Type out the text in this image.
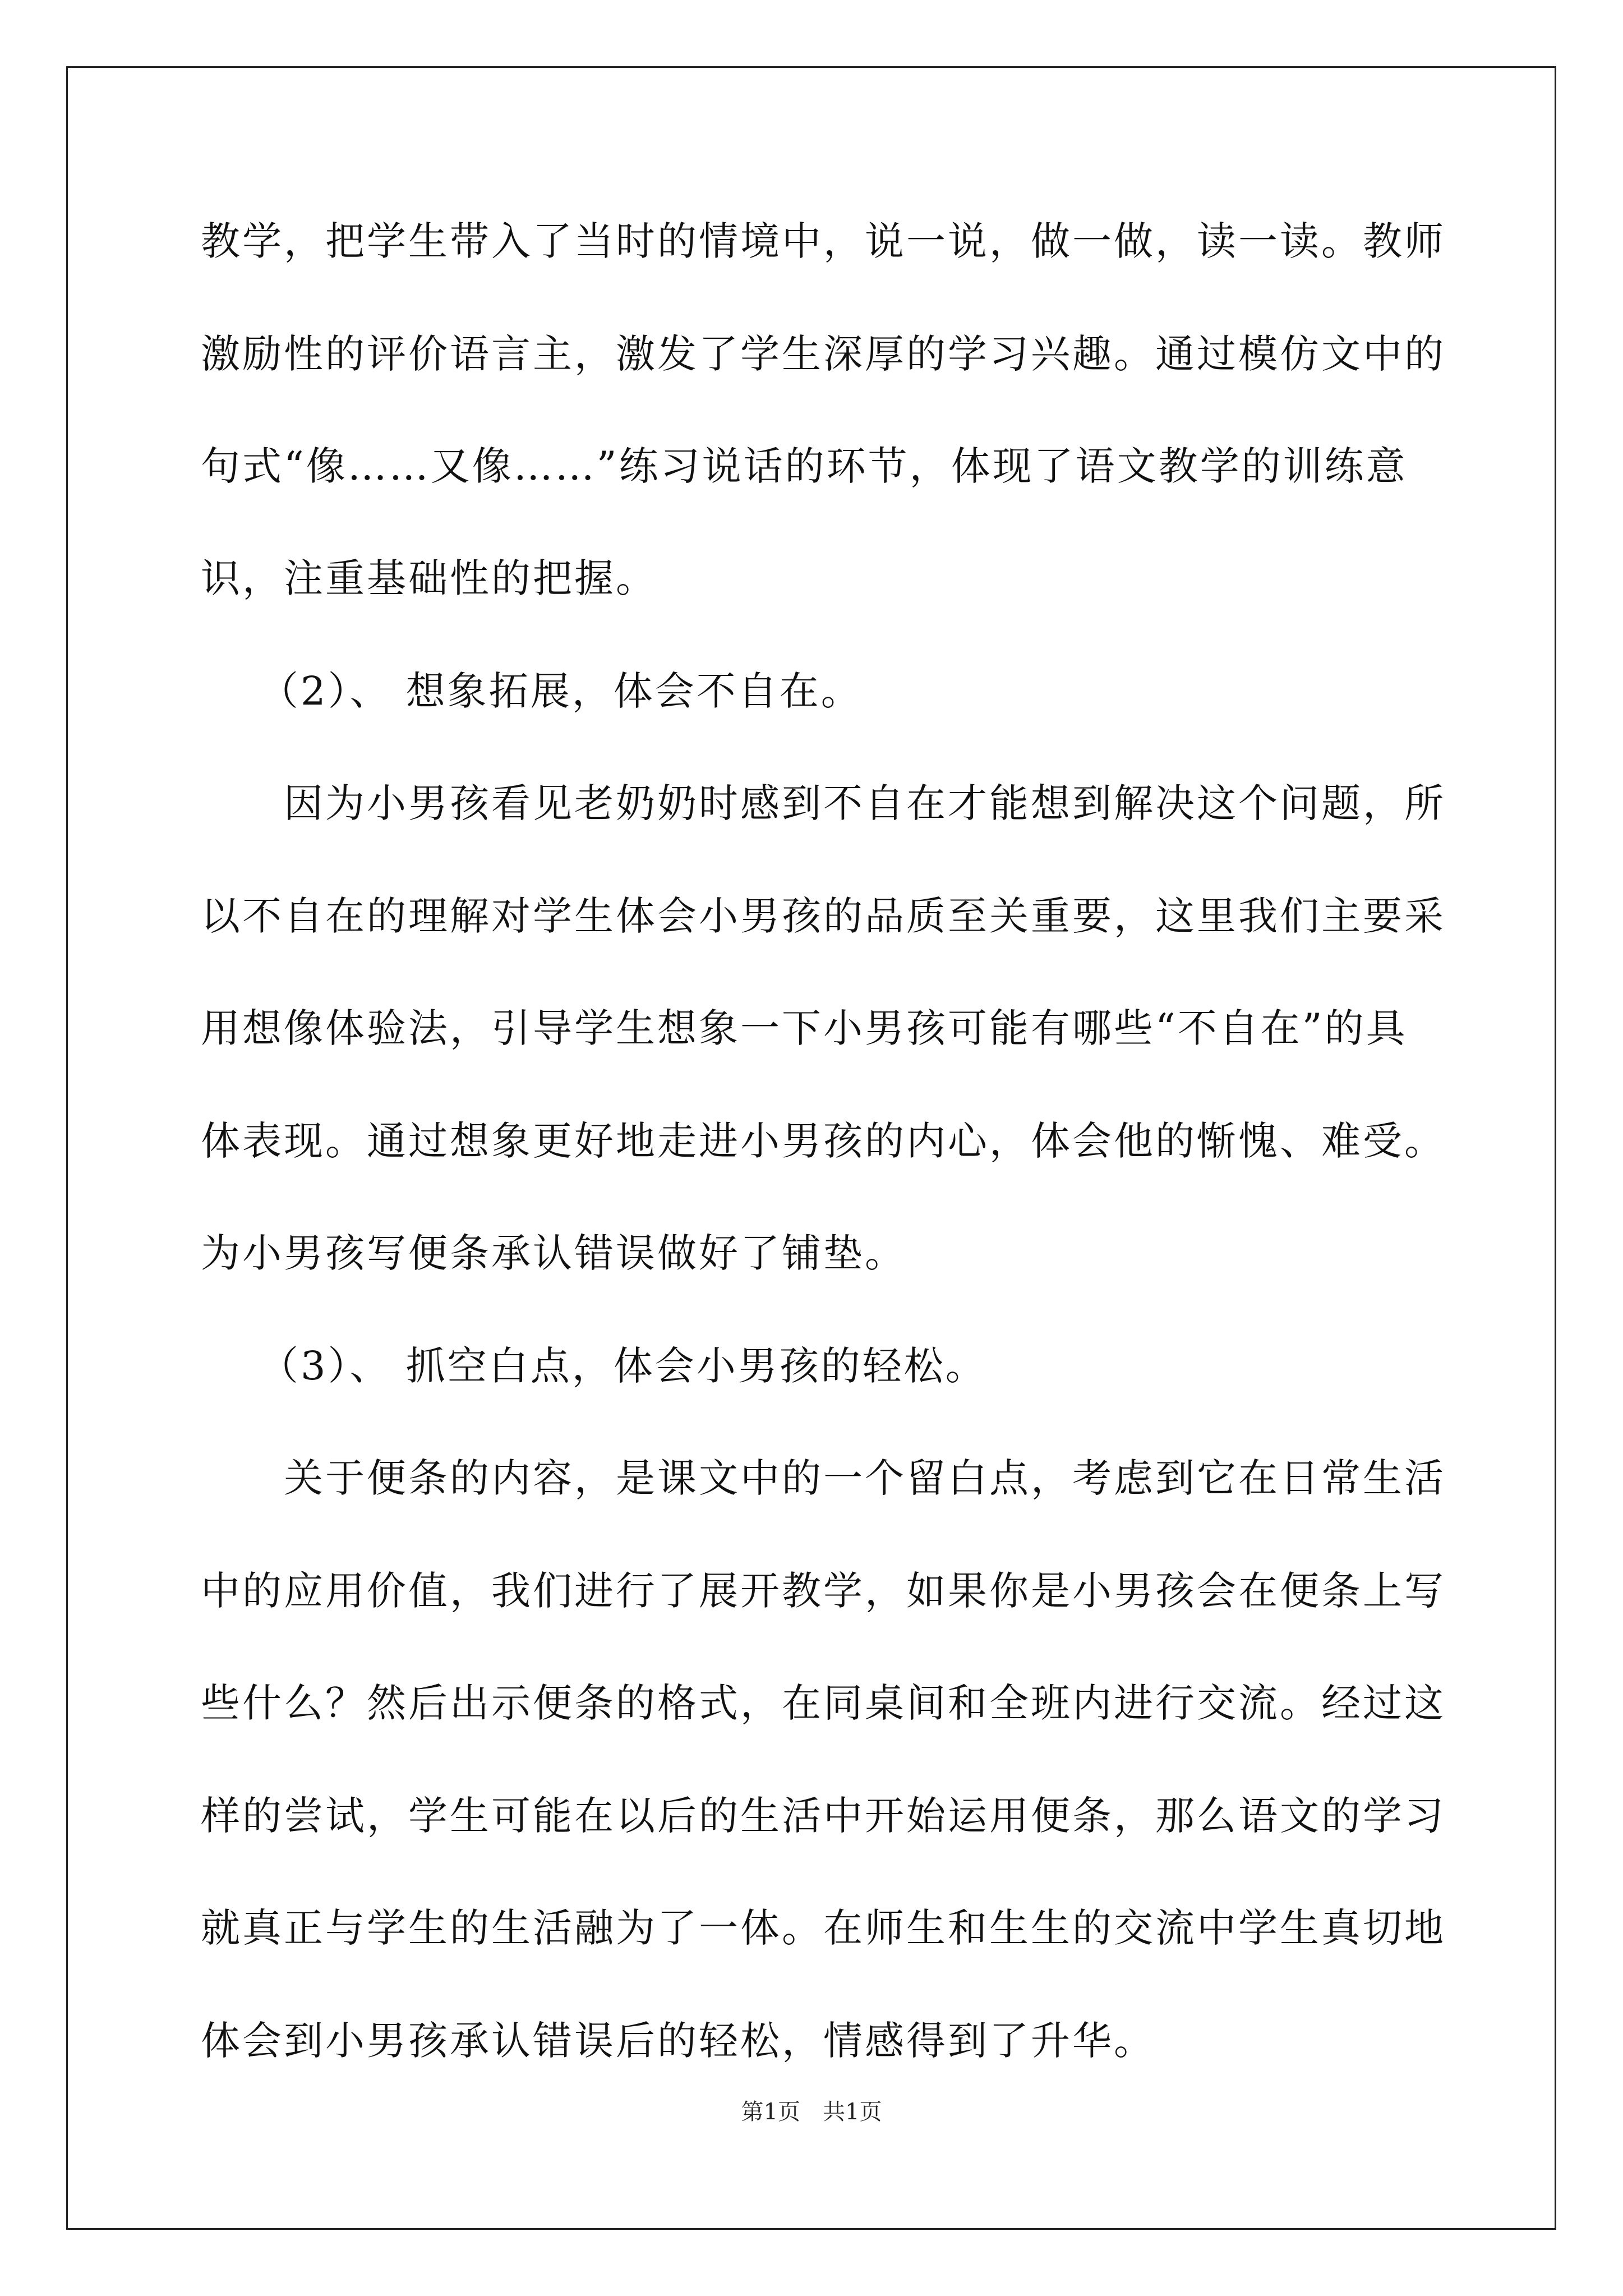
教学，把学生带入了当时的情境中，说一说，做一做，读一读。教师
激励性的评价语言主，激发了学生深厚的学习兴趣。通过模仿文中的
句式“像……又像……”练习说话的环节，体现了语文教学的训练意
识，注重基础性的把握。
（2）、 想象拓展，体会不自在。
因为小男孩看见老奶奶时感到不自在才能想到解决这个问题，所
以不自在的理解对学生体会小男孩的品质至关重要，这里我们主要采
用想像体验法，引导学生想象一下小男孩可能有哪些“不自在”的具
体表现。通过想象更好地走进小男孩的内心，体会他的惭愧、难受。
为小男孩写便条承认错误做好了铺垫。
（3）、 抓空白点，体会小男孩的轻松。
关于便条的内容，是课文中的一个留白点，考虑到它在日常生活
中的应用价值，我们进行了展开教学，如果你是小男孩会在便条上写
些什么？然后出示便条的格式，在同桌间和全班内进行交流。经过这
样的尝试，学生可能在以后的生活中开始运用便条，那么语文的学习
就真正与学生的生活融为了一体。在师生和生生的交流中学生真切地
体会到小男孩承认错误后的轻松，情感得到了升华。
第1页　共1页
